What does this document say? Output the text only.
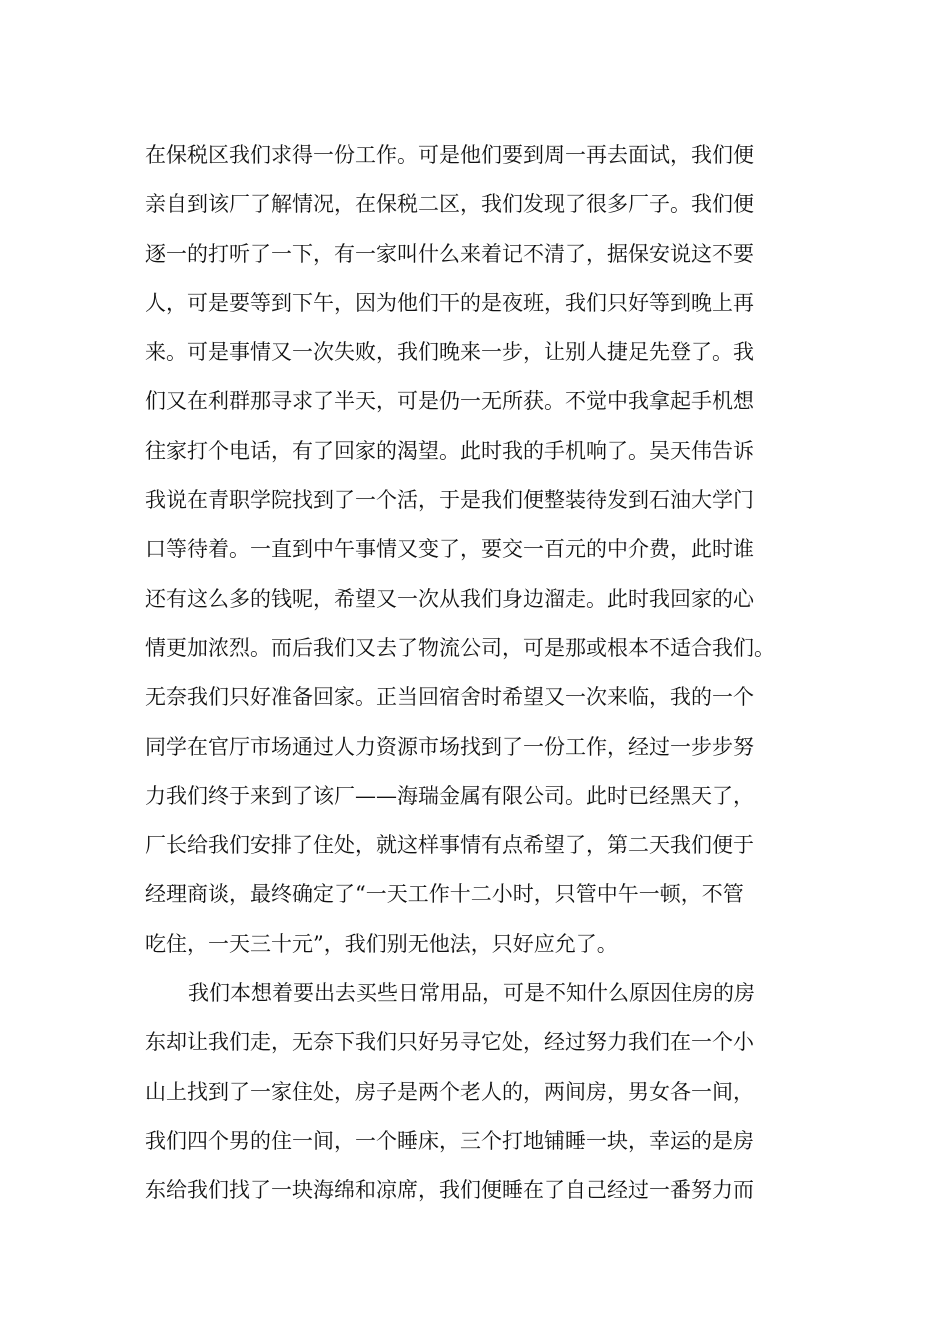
在保税区我们求得一份工作。可是他们要到周一再去面试，我们便
亲自到该厂了解情况，在保税二区，我们发现了很多厂子。我们便
逐一的打听了一下，有一家叫什么来着记不清了，据保安说这不要
人，可是要等到下午，因为他们干的是夜班，我们只好等到晚上再
来。可是事情又一次失败，我们晚来一步，让别人捷足先登了。我
们又在利群那寻求了半天，可是仍一无所获。不觉中我拿起手机想
往家打个电话，有了回家的渴望。此时我的手机响了。吴天伟告诉
我说在青职学院找到了一个活，于是我们便整装待发到石油大学门
口等待着。一直到中午事情又变了，要交一百元的中介费，此时谁
还有这么多的钱呢，希望又一次从我们身边溜走。此时我回家的心
情更加浓烈。而后我们又去了物流公司，可是那或根本不适合我们。
无奈我们只好准备回家。正当回宿舍时希望又一次来临，我的一个
同学在官厅市场通过人力资源市场找到了一份工作，经过一步步努
力我们终于来到了该厂——海瑞金属有限公司。此时已经黑天了，
厂长给我们安排了住处，就这样事情有点希望了，第二天我们便于
经理商谈，最终确定了“一天工作十二小时，只管中午一顿，不管
吃住，一天三十元”，我们别无他法，只好应允了。
我们本想着要出去买些日常用品，可是不知什么原因住房的房
东却让我们走，无奈下我们只好另寻它处，经过努力我们在一个小
山上找到了一家住处，房子是两个老人的，两间房，男女各一间，
我们四个男的住一间，一个睡床，三个打地铺睡一块，幸运的是房
东给我们找了一块海绵和凉席，我们便睡在了自己经过一番努力而
